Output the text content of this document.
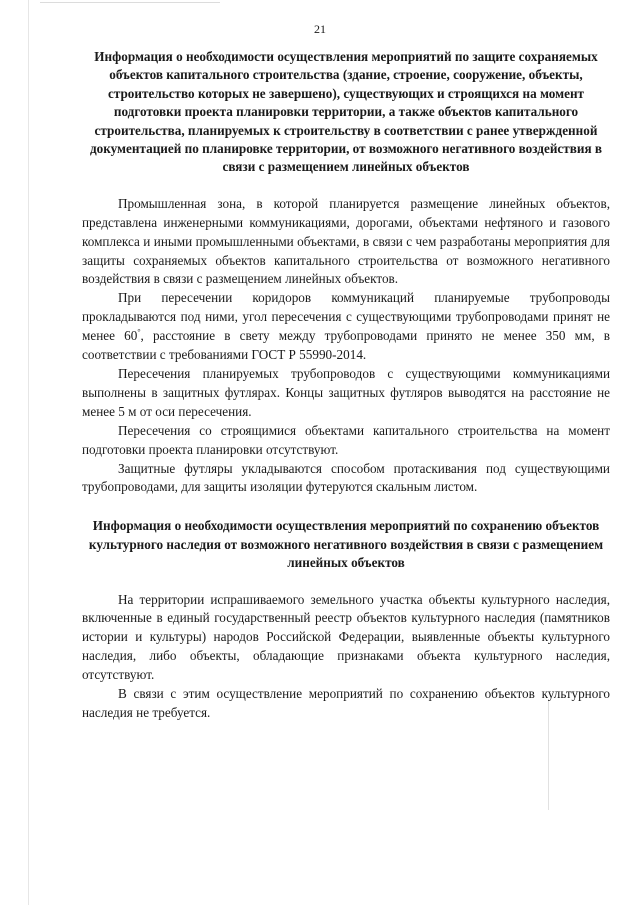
21
Информация о необходимости осуществления мероприятий по защите сохраняемых объектов капитального строительства (здание, строение, сооружение, объекты, строительство которых не завершено), существующих и строящихся на момент подготовки проекта планировки территории, а также объектов капитального строительства, планируемых к строительству в соответствии с ранее утвержденной документацией по планировке территории, от возможного негативного воздействия в связи с размещением линейных объектов

Промышленная зона, в которой планируется размещение линейных объектов, представлена инженерными коммуникациями, дорогами, объектами нефтяного и газового комплекса и иными промышленными объектами, в связи с чем разработаны мероприятия для защиты сохраняемых объектов капитального строительства от возможного негативного воздействия в связи с размещением линейных объектов.

При пересечении коридоров коммуникаций планируемые трубопроводы прокладываются под ними, угол пересечения с существующими трубопроводами принят не менее 60°, расстояние в свету между трубопроводами принято не менее 350 мм, в соответствии с требованиями ГОСТ Р 55990-2014.

Пересечения планируемых трубопроводов с существующими коммуникациями выполнены в защитных футлярах. Концы защитных футляров выводятся на расстояние не менее 5 м от оси пересечения.

Пересечения со строящимися объектами капитального строительства на момент подготовки проекта планировки отсутствуют.

Защитные футляры укладываются способом протаскивания под существующими трубопроводами, для защиты изоляции футеруются скальным листом.

Информация о необходимости осуществления мероприятий по сохранению объектов культурного наследия от возможного негативного воздействия в связи с размещением линейных объектов

На территории испрашиваемого земельного участка объекты культурного наследия, включенные в единый государственный реестр объектов культурного наследия (памятников истории и культуры) народов Российской Федерации, выявленные объекты культурного наследия, либо объекты, обладающие признаками объекта культурного наследия, отсутствуют.

В связи с этим осуществление мероприятий по сохранению объектов культурного наследия не требуется.
